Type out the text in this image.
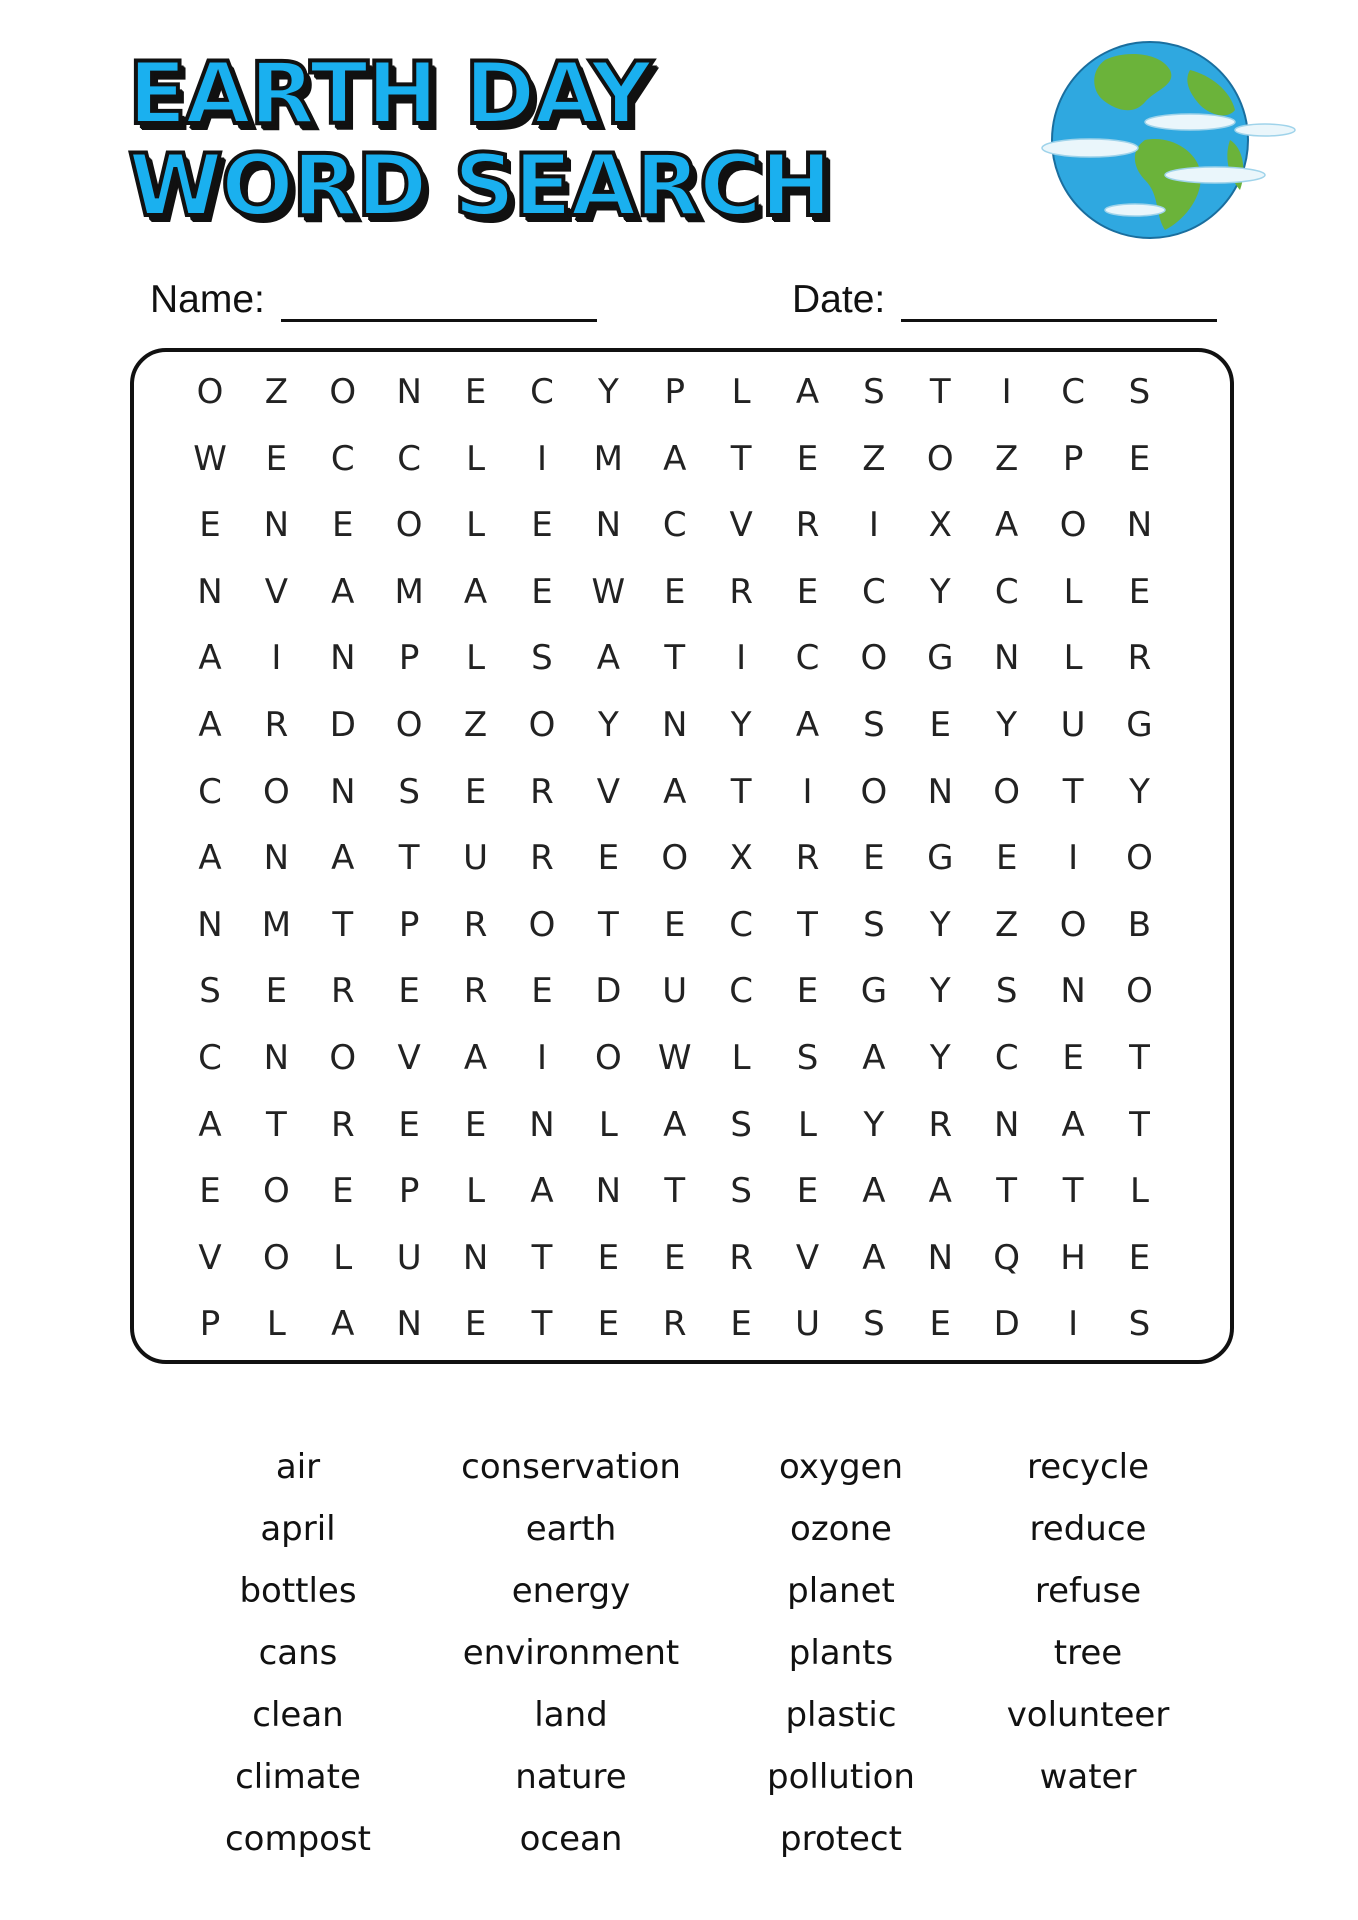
EARTH DAY
WORD SEARCH
Name:	Date:
O Z O N E C Y P	L	A S T	I	C S
W E C C	L	I	M A T E Z O Z P E
E N E O	L	E N C V R	I	X A O N
N V A M A E W E R E C Y C	L	E
A	I	N P	L	S A T	I	C O G N	L	R
A R D O Z O Y N Y A S E Y U G
C O N S E R V A T	I	O N O T Y
A N A T U R E O X R E G E	I	O
N M T P R O T E C T S Y Z O B
S E R E R E D U C E G Y S N O
C N O V A	I	O W	L	S A Y C E T
A T R E E N	L	A S	L	Y R N A T
E O E P	L	A N T S E A A T T	L
V O	L	U N T E E R V A N Q H E
P	L	A N E T E R E U S E D	I	S
air
april
bottles
cans
clean
climate
compost
conservation
earth
energy
environment
land
nature
ocean
oxygen
ozone
planet
plants
plastic
pollution
protect
recycle
reduce
refuse
tree
volunteer
water
